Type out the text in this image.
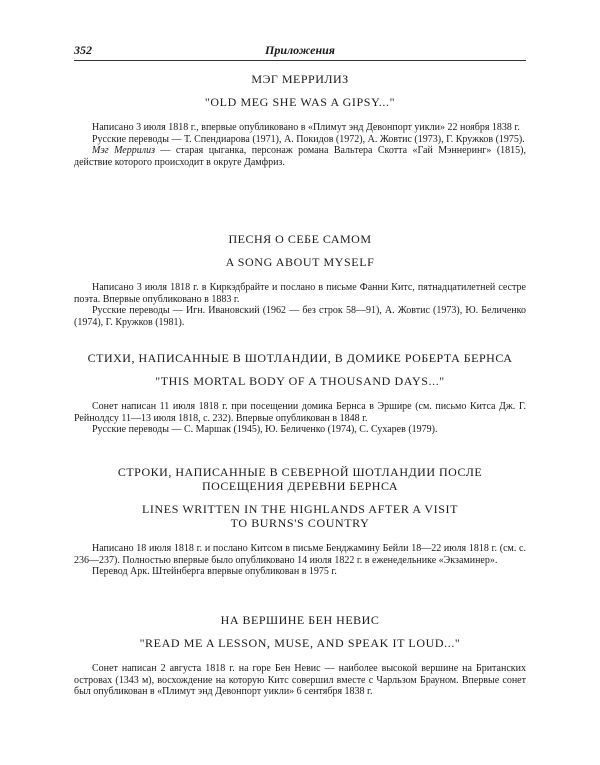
352	Приложения
МЭГ МЕРРИЛИЗ
"OLD MEG SHE WAS A GIPSY..."

Написано 3 июля 1818 г., впервые опубликовано в «Плимут энд Девонпорт уикли» 22 ноября 1838 г.

Русские переводы — Т. Спендиарова (1971), А. Покидов (1972), А. Жовтис (1973), Г. Кружков (1975).

Мэг Меррилиз — старая цыганка, персонаж романа Вальтера Скотта «Гай Мэннеринг» (1815), действие которого происходит в округе Дамфриз.

ПЕСНЯ О СЕБЕ САМОМ
A SONG ABOUT MYSELF

Написано 3 июля 1818 г. в Киркэдбрайте и послано в письме Фанни Китс, пятнадцатилетней сестре поэта. Впервые опубликовано в 1883 г.

Русские переводы — Игн. Ивановский (1962 — без строк 58—91), А. Жовтис (1973), Ю. Беличенко (1974), Г. Кружков (1981).

СТИХИ, НАПИСАННЫЕ В ШОТЛАНДИИ, В ДОМИКЕ РОБЕРТА БЕРНСА
"THIS MORTAL BODY OF A THOUSAND DAYS..."

Сонет написан 11 июля 1818 г. при посещении домика Бернса в Эршире (см. письмо Китса Дж. Г. Рейнолдсу 11—13 июля 1818, с. 232). Впервые опубликован в 1848 г.

Русские переводы — С. Маршак (1945), Ю. Беличенко (1974), С. Сухарев (1979).

СТРОКИ, НАПИСАННЫЕ В СЕВЕРНОЙ ШОТЛАНДИИ ПОСЛЕ
ПОСЕЩЕНИЯ ДЕРЕВНИ БЕРНСА
LINES WRITTEN IN THE HIGHLANDS AFTER A VISIT
TO BURNS'S COUNTRY

Написано 18 июля 1818 г. и послано Китсом в письме Бенджамину Бейли 18—22 июля 1818 г. (см. с. 236—237). Полностью впервые было опубликовано 14 июля 1822 г. в еженедельнике «Экзаминер».

Перевод Арк. Штейнберга впервые опубликован в 1975 г.

НА ВЕРШИНЕ БЕН НЕВИС
"READ ME A LESSON, MUSE, AND SPEAK IT LOUD..."

Сонет написан 2 августа 1818 г. на горе Бен Невис — наиболее высокой вершине на Британских островах (1343 м), восхождение на которую Китс совершил вместе с Чарльзом Брауном. Впервые сонет был опубликован в «Плимут энд Девонпорт уикли» 6 сентября 1838 г.
